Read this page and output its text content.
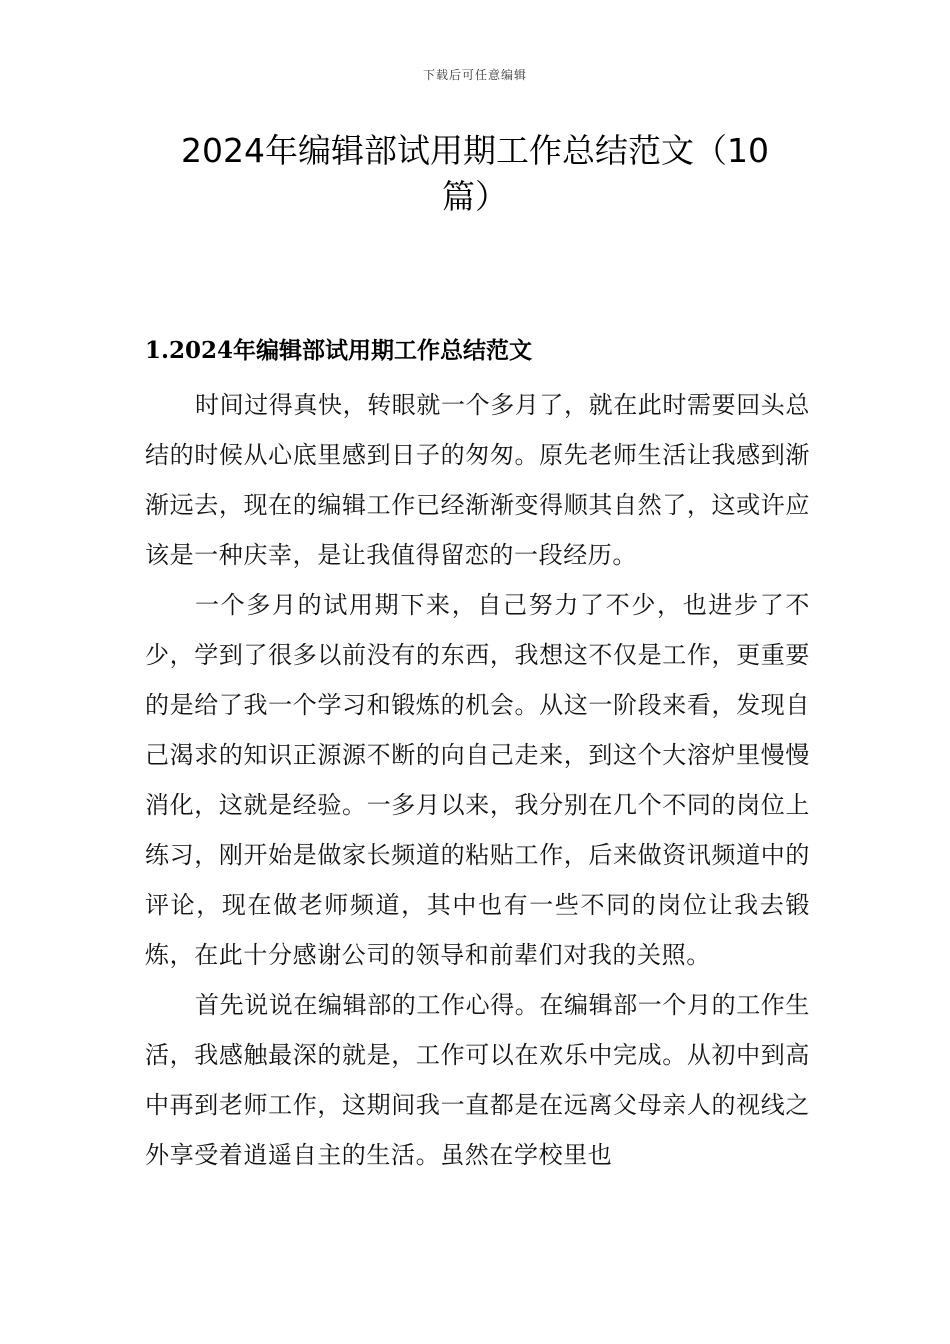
下载后可任意编辑
2024年编辑部试用期工作总结范文（10篇）
1.2024年编辑部试用期工作总结范文

时间过得真快，转眼就一个多月了，就在此时需要回头总结的时候从心底里感到日子的匆匆。原先老师生活让我感到渐渐远去，现在的编辑工作已经渐渐变得顺其自然了，这或许应该是一种庆幸，是让我值得留恋的一段经历。

一个多月的试用期下来，自己努力了不少，也进步了不少，学到了很多以前没有的东西，我想这不仅是工作，更重要的是给了我一个学习和锻炼的机会。从这一阶段来看，发现自己渴求的知识正源源不断的向自己走来，到这个大溶炉里慢慢消化，这就是经验。一多月以来，我分别在几个不同的岗位上练习，刚开始是做家长频道的粘贴工作，后来做资讯频道中的评论，现在做老师频道，其中也有一些不同的岗位让我去锻炼，在此十分感谢公司的领导和前辈们对我的关照。

首先说说在编辑部的工作心得。在编辑部一个月的工作生活，我感触最深的就是，工作可以在欢乐中完成。从初中到高中再到老师工作，这期间我一直都是在远离父母亲人的视线之外享受着逍遥自主的生活。虽然在学校里也
